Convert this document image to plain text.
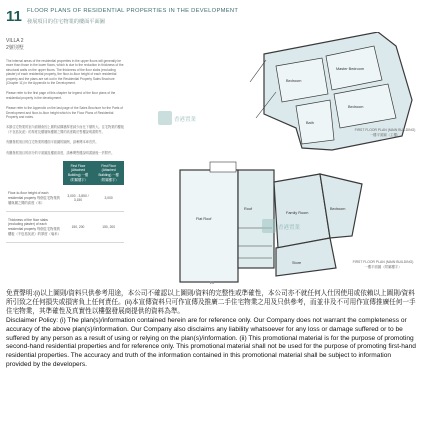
11 FLOOR PLANS OF RESIDENTIAL PROPERTIES IN THE DEVELOPMENT
發展項目的住宅物業的樓面平面圖
VILLA 2
2號別墅
The internal areas of the residential properties in the upper floors will generally be more than those in the lower floors, which is due to the reduction in thickness of the structural walls on the upper floors. The thickness of the floor slabs (excluding plaster) of each residential property, the floor-to-floor height of each residential property and the plans are set out in the Residential Property Sales Brochure (Chapter 11) in the Appendix to the Development.
Please refer to the first page of this chapter for legend of the floor plans of the residential property in the development.
Please refer to the Appendix on the last page of the Sales Brochure for the Parts of Development and floor-to-floor height which is the Floor Plans of Residential Property and notes.
本節住宅物業的室內面積會因上層的結構牆厚度減少而比下層的大。住宅物業的樓板（不包括灰泥）的厚度及樓層與樓層之間的高度載於售樓說明書附件。
有關發展項目的住宅物業的樓面平面圖的圖例，請參閱本章首頁。
有關發展項目的部分的平面圖及樓面高度，請參閱售樓說明書最後一頁附件。
	First Floor (Attached Building) 一樓（附屬樓宇）	First Floor (Attached Building) 一樓（附屬樓宇）
Floor-to-floor height of each residential property 每個住宅物業的層與層之間的高度（米）	3,000 - 3,850 / 3,150	3,000
Thickness of the floor slabs (excluding plaster) of each residential property 每個住宅物業的樓板（不包括灰泥）的厚度（毫米）	150, 200	150, 200
Bedroom
Master Bedroom
Bedroom
Bath
Flat Roof
Roof
Family Room
Bedroom
Store
FIRST FLOOR PLAN (MAIN BUILDING)
一樓平面圖（主樓）
FIRST FLOOR PLAN (MAIN BUILDING)
一樓平面圖（附屬樓宇）
香港置業
香港置業
26

免責聲明:(i)以上圖則/資料只供參考用途，本公司不確認以上圖則/資料的完整性或準確性，本公司亦不就任何人仕因使用或依賴以上圖則/資料所引致之任何損失或損害負上任何責任。(ii)本宣傳資料只可作宣傳及推廣二手住宅物業之用及只供參考，而並非及不可用作宣傳推廣任何一手住宅物業，其準確性及真實性以樓盤發展商提供的資料為準。

Disclaimer Policy: (i) The plan(s)/information contained herein are for reference only. Our Company does not warrant the completeness or accuracy of the above plan(s)/information. Our Company also disclaims any liability whatsoever for any loss or damage suffered or to be suffered by any person as a result of using or relying on the plan(s)/information. (ii) This promotional material is for the purpose of promoting second-hand residential properties and for reference only. This promotional material shall not be used for the purpose of promoting first-hand residential properties. The accuracy and truth of the information contained in this promotional material shall be subject to information provided by the developers.
